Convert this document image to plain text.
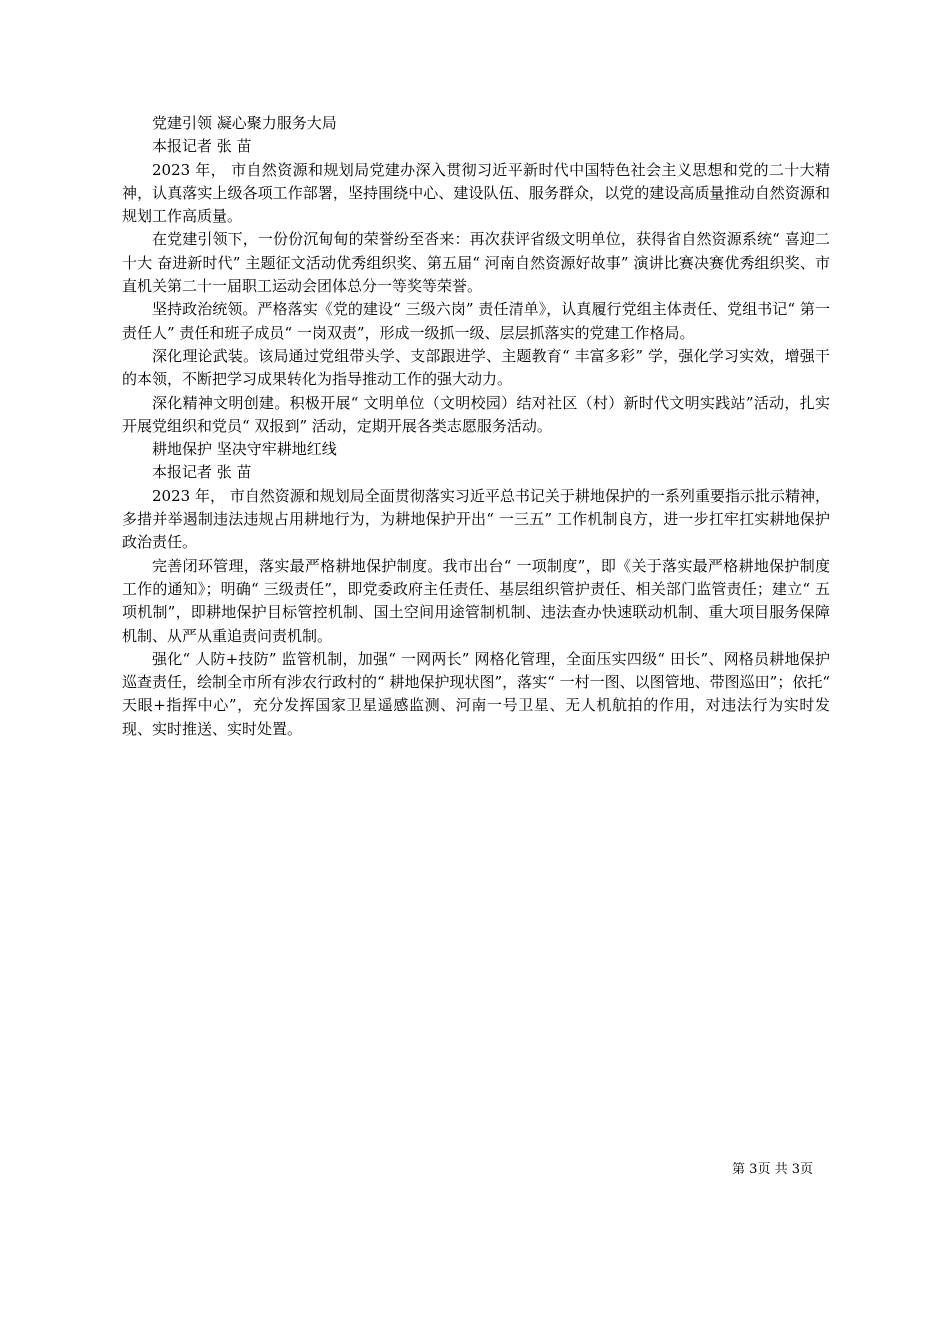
党建引领 凝心聚力服务大局

本报记者 张 苗

2023 年， 市自然资源和规划局党建办深入贯彻习近平新时代中国特色社会主义思想和党的二十大精神，认真落实上级各项工作部署，坚持围绕中心、建设队伍、服务群众，以党的建设高质量推动自然资源和规划工作高质量。

在党建引领下，一份份沉甸甸的荣誉纷至沓来：再次获评省级文明单位，获得省自然资源系统“ 喜迎二十大 奋进新时代” 主题征文活动优秀组织奖、第五届“ 河南自然资源好故事” 演讲比赛决赛优秀组织奖、市直机关第二十一届职工运动会团体总分一等奖等荣誉。

坚持政治统领。严格落实《党的建设“ 三级六岗” 责任清单》，认真履行党组主体责任、党组书记“ 第一责任人” 责任和班子成员“ 一岗双责”，形成一级抓一级、层层抓落实的党建工作格局。

深化理论武装。该局通过党组带头学、支部跟进学、主题教育“ 丰富多彩” 学，强化学习实效，增强干的本领，不断把学习成果转化为指导推动工作的强大动力。

深化精神文明创建。积极开展“ 文明单位（文明校园）结对社区（村）新时代文明实践站”活动，扎实开展党组织和党员“ 双报到” 活动，定期开展各类志愿服务活动。

耕地保护 坚决守牢耕地红线

本报记者 张 苗

2023 年， 市自然资源和规划局全面贯彻落实习近平总书记关于耕地保护的一系列重要指示批示精神，多措并举遏制违法违规占用耕地行为，为耕地保护开出“ 一三五” 工作机制良方，进一步扛牢扛实耕地保护政治责任。

完善闭环管理，落实最严格耕地保护制度。我市出台“ 一项制度”，即《关于落实最严格耕地保护制度工作的通知》；明确“ 三级责任”，即党委政府主任责任、基层组织管护责任、相关部门监管责任；建立“ 五项机制”，即耕地保护目标管控机制、国土空间用途管制机制、违法查办快速联动机制、重大项目服务保障机制、从严从重追责问责机制。

强化“ 人防+技防” 监管机制，加强“ 一网两长” 网格化管理，全面压实四级“ 田长”、网格员耕地保护巡查责任，绘制全市所有涉农行政村的“ 耕地保护现状图”，落实“ 一村一图、以图管地、带图巡田”；依托“ 天眼+指挥中心”，充分发挥国家卫星遥感监测、河南一号卫星、无人机航拍的作用，对违法行为实时发现、实时推送、实时处置。

第 3页 共 3页
